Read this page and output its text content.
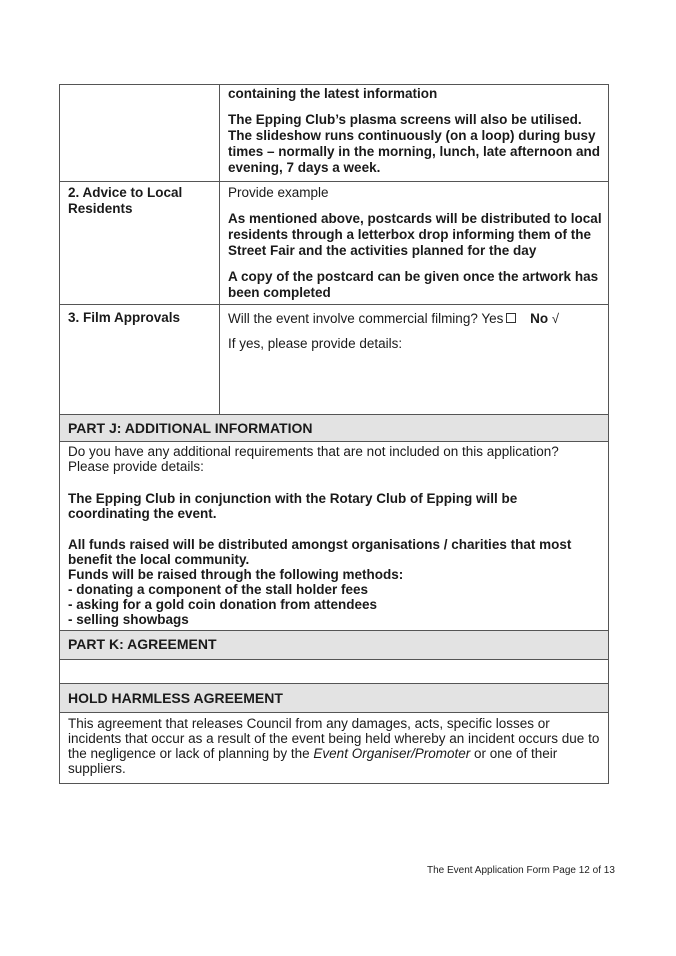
containing the latest information

The Epping Club’s plasma screens will also be utilised. The slideshow runs continuously (on a loop) during busy times – normally in the morning, lunch, late afternoon and evening, 7 days a week.

2. Advice to Local Residents

Provide example

As mentioned above, postcards will be distributed to local residents through a letterbox drop informing them of the Street Fair and the activities planned for the day

A copy of the postcard can be given once the artwork has been completed

3. Film Approvals	Will the event involve commercial filming? Yes No √

If yes, please provide details:

PART J: ADDITIONAL INFORMATION

Do you have any additional requirements that are not included on this application? Please provide details:

The Epping Club in conjunction with the Rotary Club of Epping will be coordinating the event.

All funds raised will be distributed amongst organisations / charities that most benefit the local community.

Funds will be raised through the following methods:

- donating a component of the stall holder fees

- asking for a gold coin donation from attendees

- selling showbags

PART K: AGREEMENT
HOLD HARMLESS AGREEMENT

This agreement that releases Council from any damages, acts, specific losses or incidents that occur as a result of the event being held whereby an incident occurs due to the negligence or lack of planning by the Event Organiser/Promoter or one of their suppliers.

The Event Application Form Page 12 of 13
